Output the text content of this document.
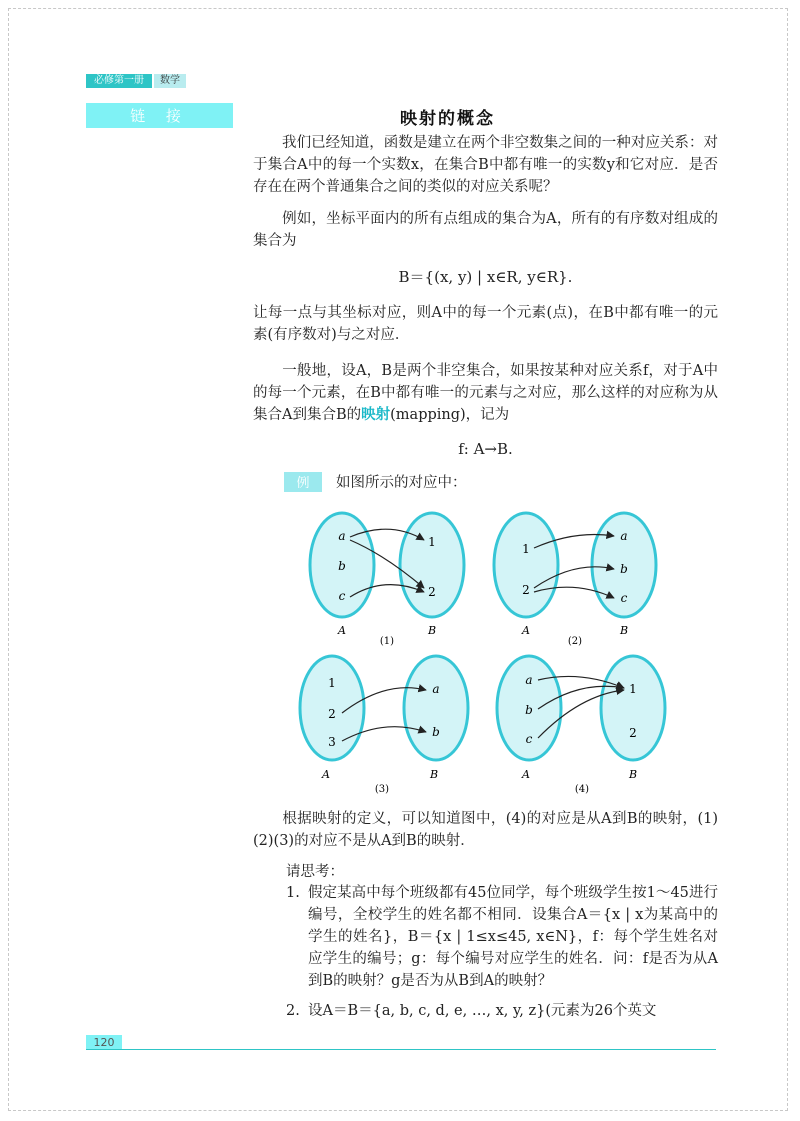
必修第一册	数学
链 接	映射的概念
我们已经知道，函数是建立在两个非空数集之间的一种对应关系：对于集合A中的每一个实数x，在集合B中都有唯一的实数y和它对应．是否存在在两个普通集合之间的类似的对应关系呢？
例如，坐标平面内的所有点组成的集合为A，所有的有序数对组成的集合为
B＝{(x, y) | x∈R, y∈R}.
让每一点与其坐标对应，则A中的每一个元素(点)，在B中都有唯一的元素(有序数对)与之对应．
一般地，设A，B是两个非空集合，如果按某种对应关系f，对于A中的每一个元素，在B中都有唯一的元素与之对应，那么这样的对应称为从集合A到集合B的映射(mapping)，记为
f: A→B.
例	如图所示的对应中：
a
b
c
1
2
A	B
(1)
1
2
a
b
c
A	B
(2)
1
2
3
a
b
A	B
(3)
a
b
c
1
2
A	B
(4)
根据映射的定义，可以知道图中，(4)的对应是从A到B的映射，(1)(2)(3)的对应不是从A到B的映射．
请思考：
1. 假定某高中每个班级都有45位同学，每个班级学生按1～45进行编号，全校学生的姓名都不相同．设集合A＝{x | x为某高中的学生的姓名}，B＝{x | 1≤x≤45, x∈N}，f：每个学生姓名对应学生的编号；g：每个编号对应学生的姓名．问：f是否为从A到B的映射？g是否为从B到A的映射？
2. 设A＝B＝{a, b, c, d, e, …, x, y, z}(元素为26个英文
120
